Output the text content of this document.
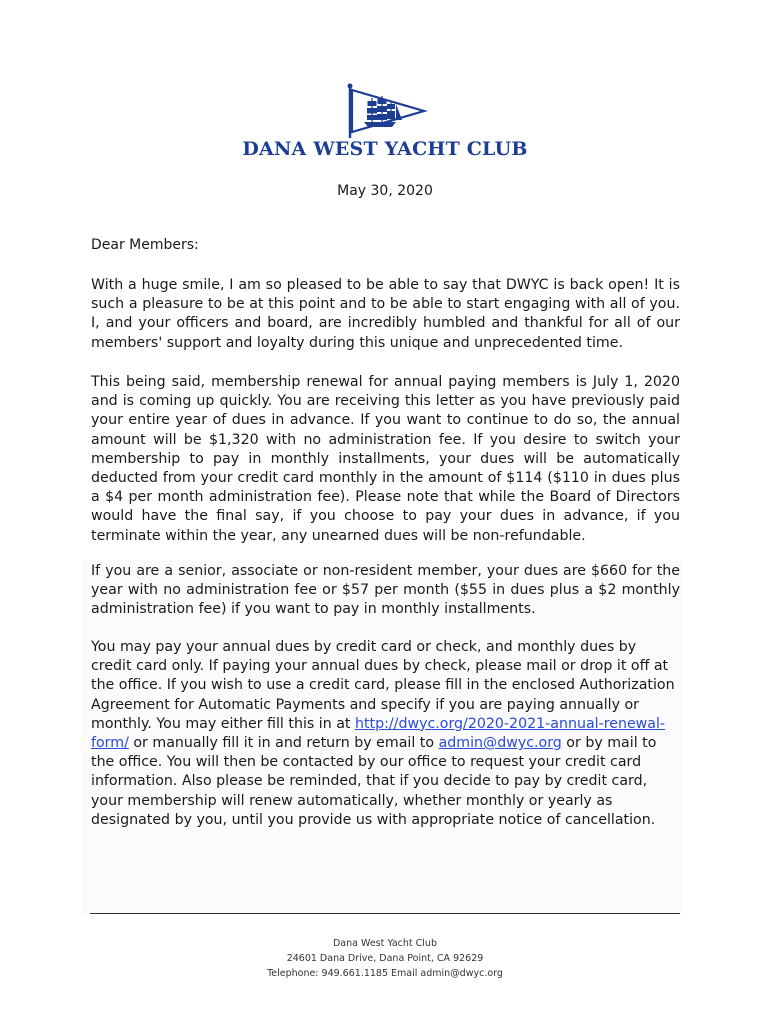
DANA WEST YACHT CLUB
May 30, 2020
Dear Members:

With a huge smile, I am so pleased to be able to say that DWYC is back open! It is such a pleasure to be at this point and to be able to start engaging with all of you. I, and your officers and board, are incredibly humbled and thankful for all of our members' support and loyalty during this unique and unprecedented time.

This being said, membership renewal for annual paying members is July 1, 2020 and is coming up quickly. You are receiving this letter as you have previously paid your entire year of dues in advance. If you want to continue to do so, the annual amount will be $1,320 with no administration fee. If you desire to switch your membership to pay in monthly installments, your dues will be automatically deducted from your credit card monthly in the amount of $114 ($110 in dues plus a $4 per month administration fee). Please note that while the Board of Directors would have the final say, if you choose to pay your dues in advance, if you terminate within the year, any unearned dues will be non-refundable.

If you are a senior, associate or non-resident member, your dues are $660 for the year with no administration fee or $57 per month ($55 in dues plus a $2 monthly administration fee) if you want to pay in monthly installments.

You may pay your annual dues by credit card or check, and monthly dues by credit card only. If paying your annual dues by check, please mail or drop it off at the office. If you wish to use a credit card, please fill in the enclosed Authorization Agreement for Automatic Payments and specify if you are paying annually or monthly. You may either fill this in at http://dwyc.org/2020-2021-annual-renewal-form/ or manually fill it in and return by email to admin@dwyc.org or by mail to the office. You will then be contacted by our office to request your credit card information. Also please be reminded, that if you decide to pay by credit card, your membership will renew automatically, whether monthly or yearly as designated by you, until you provide us with appropriate notice of cancellation.

Dana West Yacht Club
24601 Dana Drive, Dana Point, CA 92629
Telephone: 949.661.1185 Email admin@dwyc.org
